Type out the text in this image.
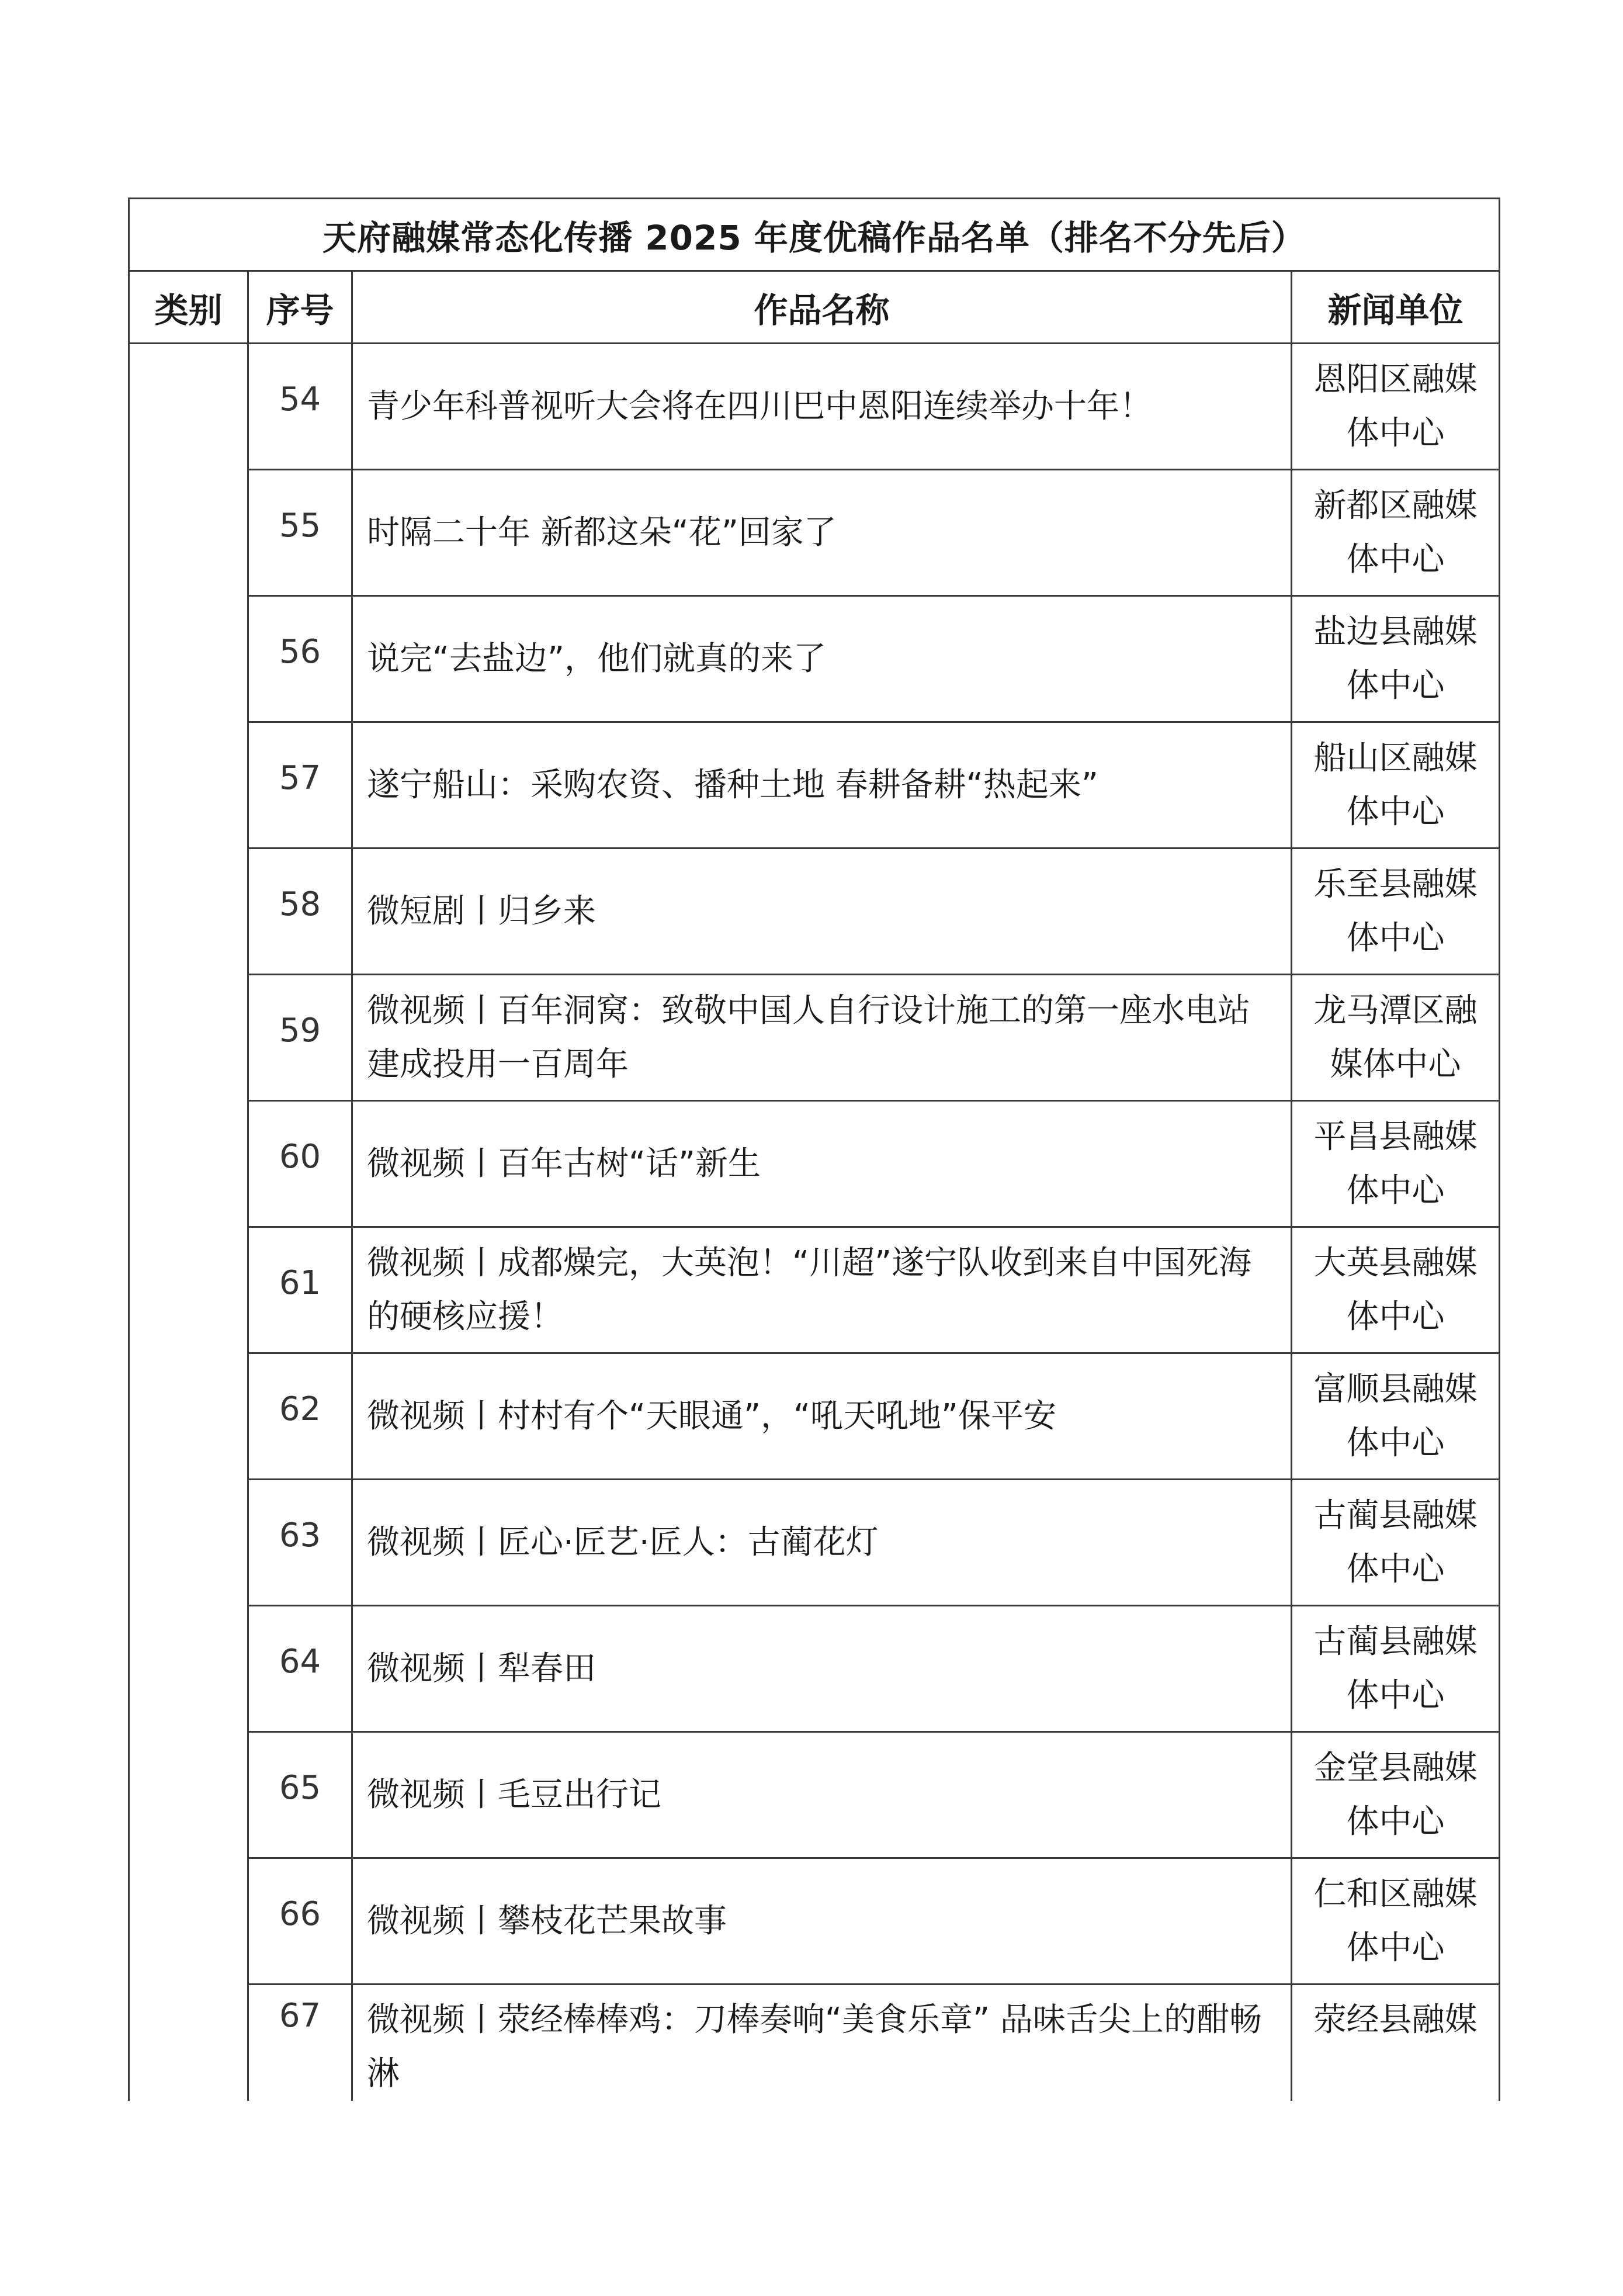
天府融媒常态化传播 2025 年度优稿作品名单（排名不分先后）			
类别	序号	作品名称	新闻单位
	54	青少年科普视听大会将在四川巴中恩阳连续举办十年！	恩阳区融媒体中心
	55	时隔二十年 新都这朵“花”回家了	新都区融媒体中心
	56	说完“去盐边”，他们就真的来了	盐边县融媒体中心
	57	遂宁船山：采购农资、播种土地 春耕备耕“热起来”	船山区融媒体中心
	58	微短剧丨归乡来	乐至县融媒体中心
	59	微视频丨百年洞窝：致敬中国人自行设计施工的第一座水电站建成投用一百周年	龙马潭区融媒体中心
	60	微视频丨百年古树“话”新生	平昌县融媒体中心
	61	微视频丨成都燥完，大英泡！“川超”遂宁队收到来自中国死海的硬核应援！	大英县融媒体中心
	62	微视频丨村村有个“天眼通”，“吼天吼地”保平安	富顺县融媒体中心
	63	微视频丨匠心·匠艺·匠人：古蔺花灯	古蔺县融媒体中心
	64	微视频丨犁春田	古蔺县融媒体中心
	65	微视频丨毛豆出行记	金堂县融媒体中心
	66	微视频丨攀枝花芒果故事	仁和区融媒体中心
	67	微视频丨荥经棒棒鸡：刀棒奏响“美食乐章” 品味舌尖上的酣畅淋	荥经县融媒
